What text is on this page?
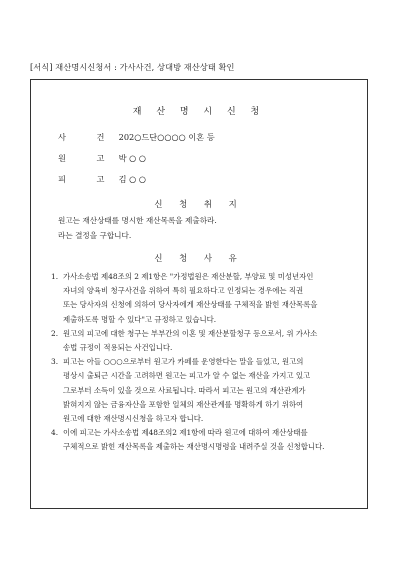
[서식] 재산명시신청서 : 가사사건, 상대방 재산상태 확인
재 산 명 시 신 청
사 건 202○드단○○○○ 이혼 등
원 고 박 ○ ○
피 고 김 ○ ○
신 청 취 지
원고는 재산상태를 명시한 재산목록을 제출하라.
라는 결정을 구합니다.
신 청 사 유
1. 가사소송법 제48조의 2 제1항은 "가정법원은 재산분할, 부양료 및 미성년자인
자녀의 양육비 청구사건을 위하여 특히 필요하다고 인정되는 경우에는 직권
또는 당사자의 신청에 의하여 당사자에게 재산상태를 구체적을 밝힌 재산목록을
제출하도록 명할 수 있다"고 규정하고 있습니다.
2. 원고의 피고에 대한 청구는 부부간의 이혼 및 재산분할청구 등으로서, 위 가사소
송법 규정이 적용되는 사건입니다.
3. 피고는 아들 ○○○으로부터 원고가 카페를 운영한다는 말을 들었고, 원고의
평상시 출퇴근 시간을 고려하면 원고는 피고가 알 수 없는 재산을 가지고 있고
그로부터 소득이 있을 것으로 사료됩니다. 따라서 피고는 원고의 재산관계가
밝혀지지 않는 금융자산을 포함한 일체의 재산관계를 명확하게 하기 위하여
원고에 대한 재산명시신청을 하고자 합니다.
4. 이에 피고는 가사소송법 제48조의2 제1항에 따라 원고에 대하여 재산상태를
구체적으로 밝힌 재산목록을 제출하는 재산명시명령을 내려주실 것을 신청합니다.
